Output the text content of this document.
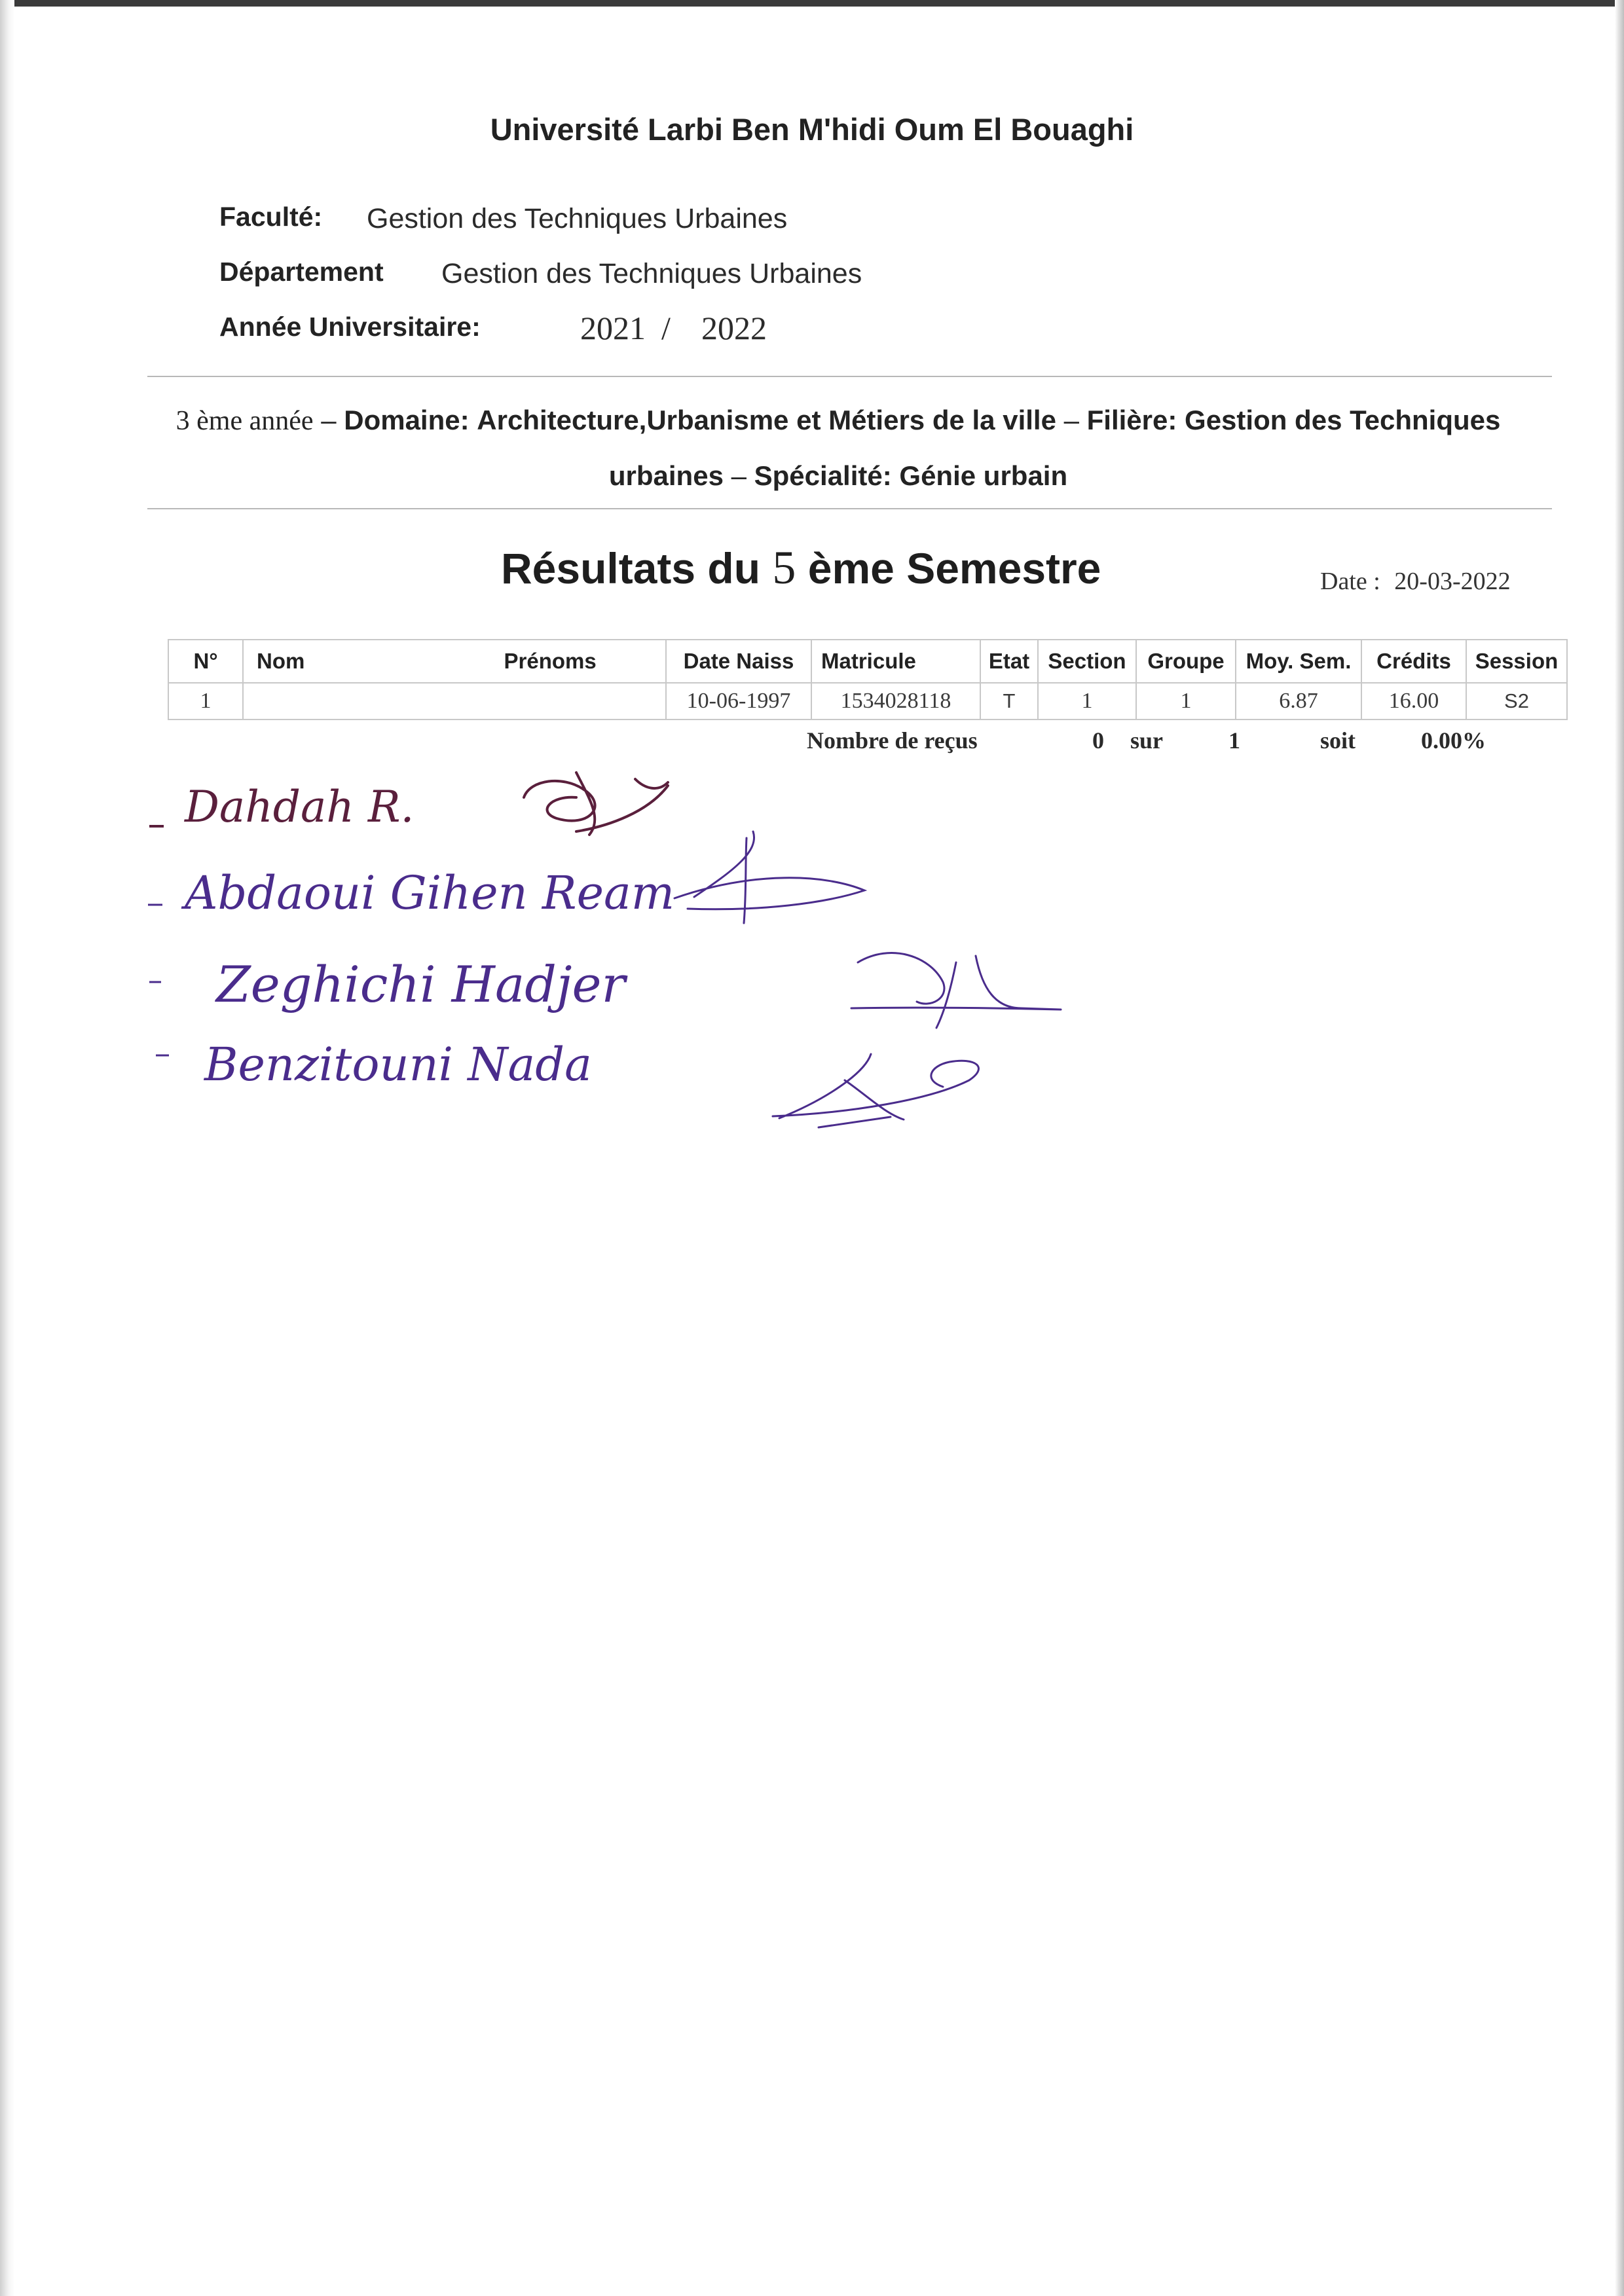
Université Larbi Ben M'hidi Oum El Bouaghi
Faculté: Gestion des Techniques Urbaines
Département Gestion des Techniques Urbaines
Année Universitaire:	2021 / 2022
3 ème année – Domaine: Architecture,Urbanisme et Métiers de la ville – Filière: Gestion des Techniques urbaines – Spécialité: Génie urbain
Résultats du 5 ème Semestre	Date : 20-03-2022
N°	Nom Prénoms	Date Naiss	Matricule	Etat	Section	Groupe	Moy. Sem.	Crédits	Session
1		10-06-1997	1534028118	T	1	1	6.87	16.00	S2
Nombre de reçus	0 sur	1	soit	0.00%
Dahdah R.
Abdaoui Gihen Ream
Zeghichi Hadjer
Benzitouni Nada
